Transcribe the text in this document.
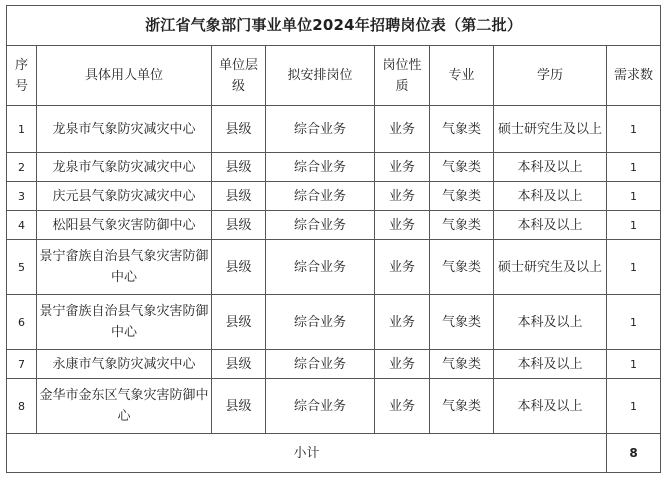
浙江省气象部门事业单位2024年招聘岗位表（第二批）							
序号	具体用人单位	单位层级	拟安排岗位	岗位性质	专业	学历	需求数
1	龙泉市气象防灾减灾中心	县级	综合业务	业务	气象类	硕士研究生及以上	1
2	龙泉市气象防灾减灾中心	县级	综合业务	业务	气象类	本科及以上	1
3	庆元县气象防灾减灾中心	县级	综合业务	业务	气象类	本科及以上	1
4	松阳县气象灾害防御中心	县级	综合业务	业务	气象类	本科及以上	1
5	景宁畲族自治县气象灾害防御中心	县级	综合业务	业务	气象类	硕士研究生及以上	1
6	景宁畲族自治县气象灾害防御中心	县级	综合业务	业务	气象类	本科及以上	1
7	永康市气象防灾减灾中心	县级	综合业务	业务	气象类	本科及以上	1
8	金华市金东区气象灾害防御中心	县级	综合业务	业务	气象类	本科及以上	1
小计							8
